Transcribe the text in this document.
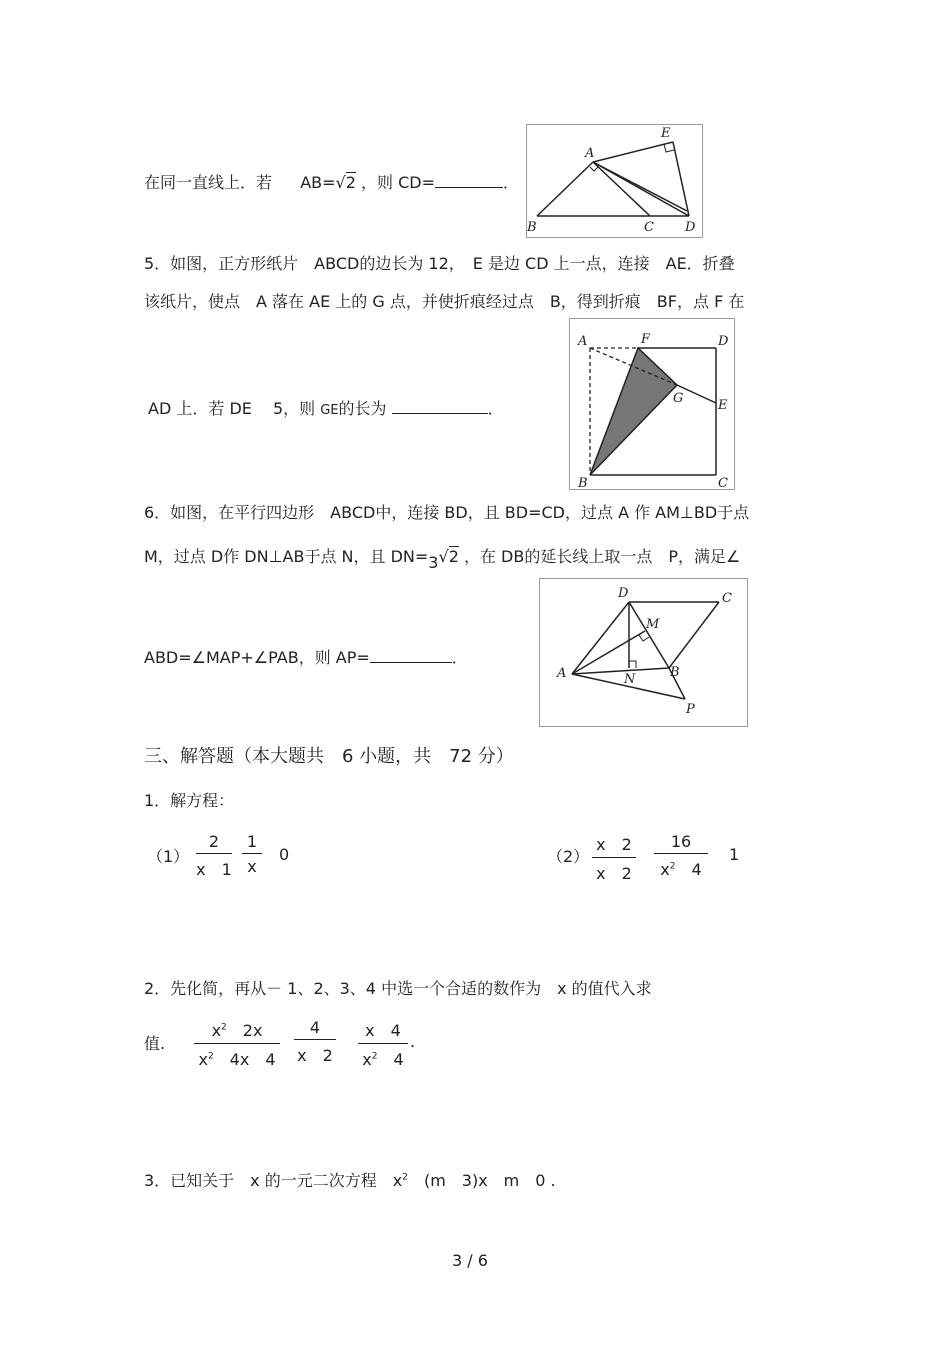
A
E
B	C D
在同一直线上．若 AB=√2 ，则 CD=	．
5．如图，正方形纸片　ABCD的边长为 12，　E 是边 CD 上一点，连接　AE．折叠
该纸片，使点　A 落在 AE 上的 G 点，并使折痕经过点　B，得到折痕　BF，点 F 在
A	F	D
G	E
B	C
AD 上．若 DE　 5，则 GE的长为	．
6．如图，在平行四边形　ABCD中，连接 BD，且 BD=CD，过点 A 作 AM⊥BD于点
M，过点 D作 DN⊥AB于点 N，且 DN=3√2 ，在 DB的延长线上取一点　P，满足∠
D	C
M
A	N	B
P
ABD=∠MAP+∠PAB，则 AP=	．
三、解答题（本大题共　6 小题，共　72 分）
1．解方程：
$(1) \frac{2}{x 1} \frac{1}{x} 0$	$(2) \frac{x 2}{x 2} \frac{16}{x^2 4} 1$
2．先化简，再从－ 1、2、3、4 中选一个合适的数作为　x 的值代入求
值. $\frac{x^2 2x}{x^2 4x 4} \frac{4}{x 2} \frac{x 4}{x^2 4}$ .
3．已知关于　x 的一元二次方程　$x^2$　(m　3)x　m　0 .
3 / 6
